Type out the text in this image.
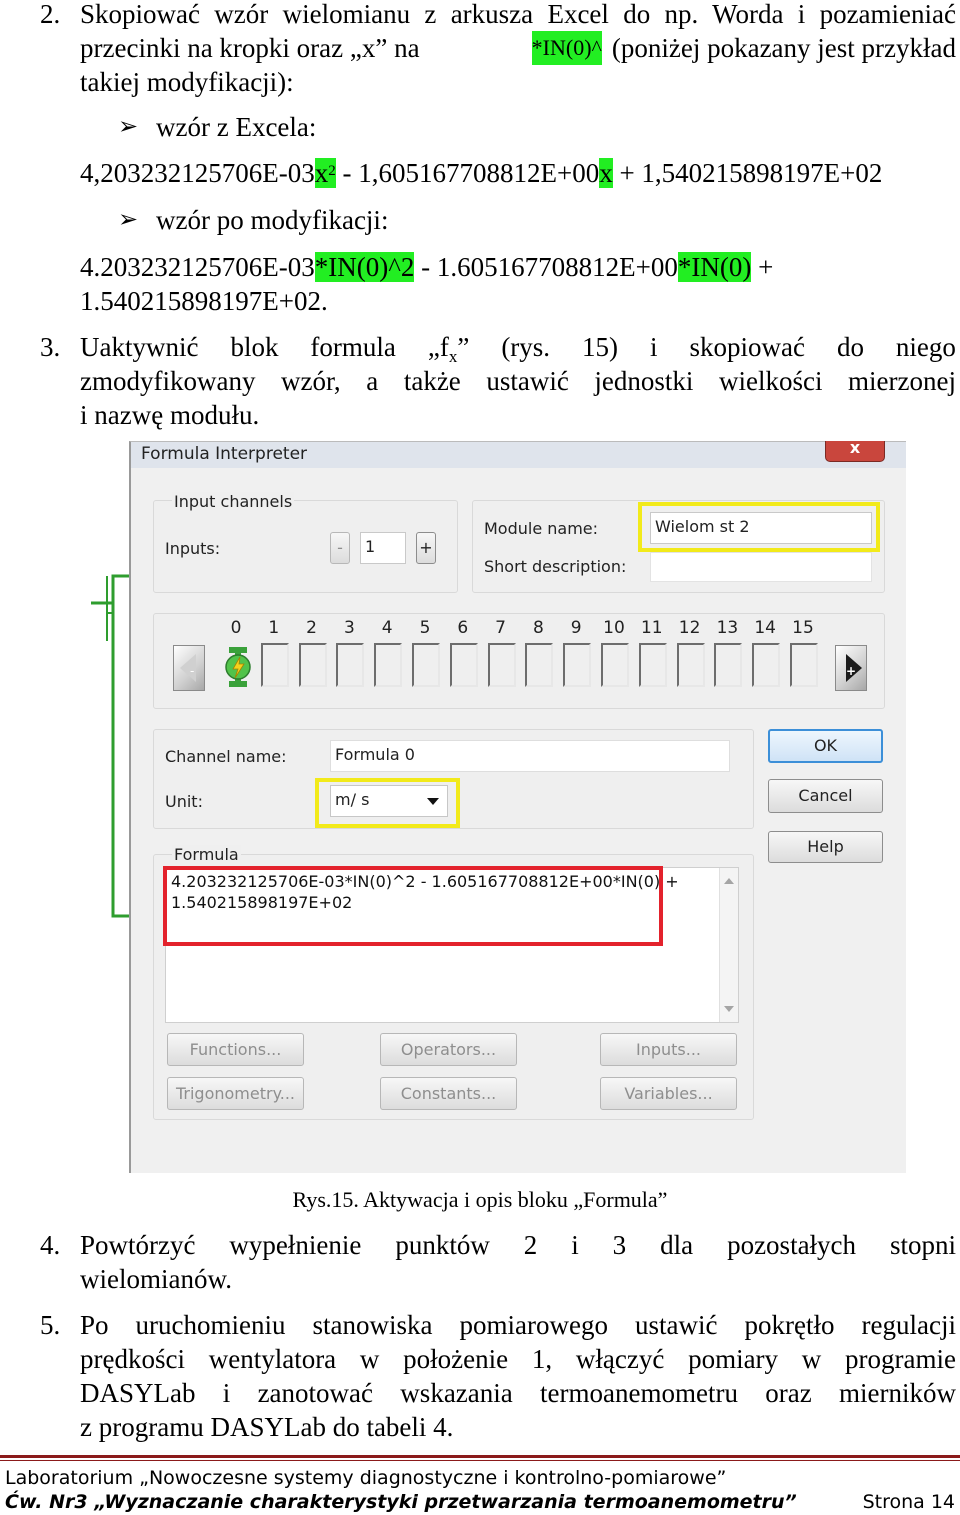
2. Skopiować wzór wielomianu z arkusza Excel do np. Worda i pozamieniać
przecinki na kropki oraz „x” na	*IN(0)^ (poniżej pokazany jest przykład
takiej modyfikacji):
➢ wzór z Excela:
$4,203232125706E-03x^2 - 1,605167708812E+00x + 1,540215898197E+02$
➢ wzór po modyfikacji:
4.203232125706E-03*IN(0)^2 - 1.605167708812E+00*IN(0) +
1.540215898197E+02.
3. Uaktywnić blok formula $„f_x$” (rys. 15) i skopiować do niego
zmodyfikowany wzór, a także ustawić jednostki wielkości mierzonej
i nazwę modułu.
Formula Interpreter	x
Input channels
Inputs:	-	1	+
Module name:	Wielom st 2
Short description:
0	1	2	3	4	5	6	7	8	9	10 11 12 13 14 15
-	+
Channel name:	Formula 0
Unit:	m/ s
OK
Cancel
Help
Formula
4.203232125706E-03*IN(0)^2 - 1.605167708812E+00*IN(0) +
1.540215898197E+02
Functions...	Operators...	Inputs...
Trigonometry...	Constants...	Variables...
Rys.15. Aktywacja i opis bloku „Formula”
4. Powtórzyć wypełnienie punktów 2 i 3 dla pozostałych stopni
wielomianów.
5. Po uruchomieniu stanowiska pomiarowego ustawić pokrętło regulacji
prędkości wentylatora w położenie 1, włączyć pomiary w programie
DASYLab i zanotować wskazania termoanemometru oraz mierników
z programu DASYLab do tabeli 4.
Laboratorium „Nowoczesne systemy diagnostyczne i kontrolno-pomiarowe”
Ćw. Nr3 „Wyznaczanie charakterystyki przetwarzania termoanemometru”	Strona 14
